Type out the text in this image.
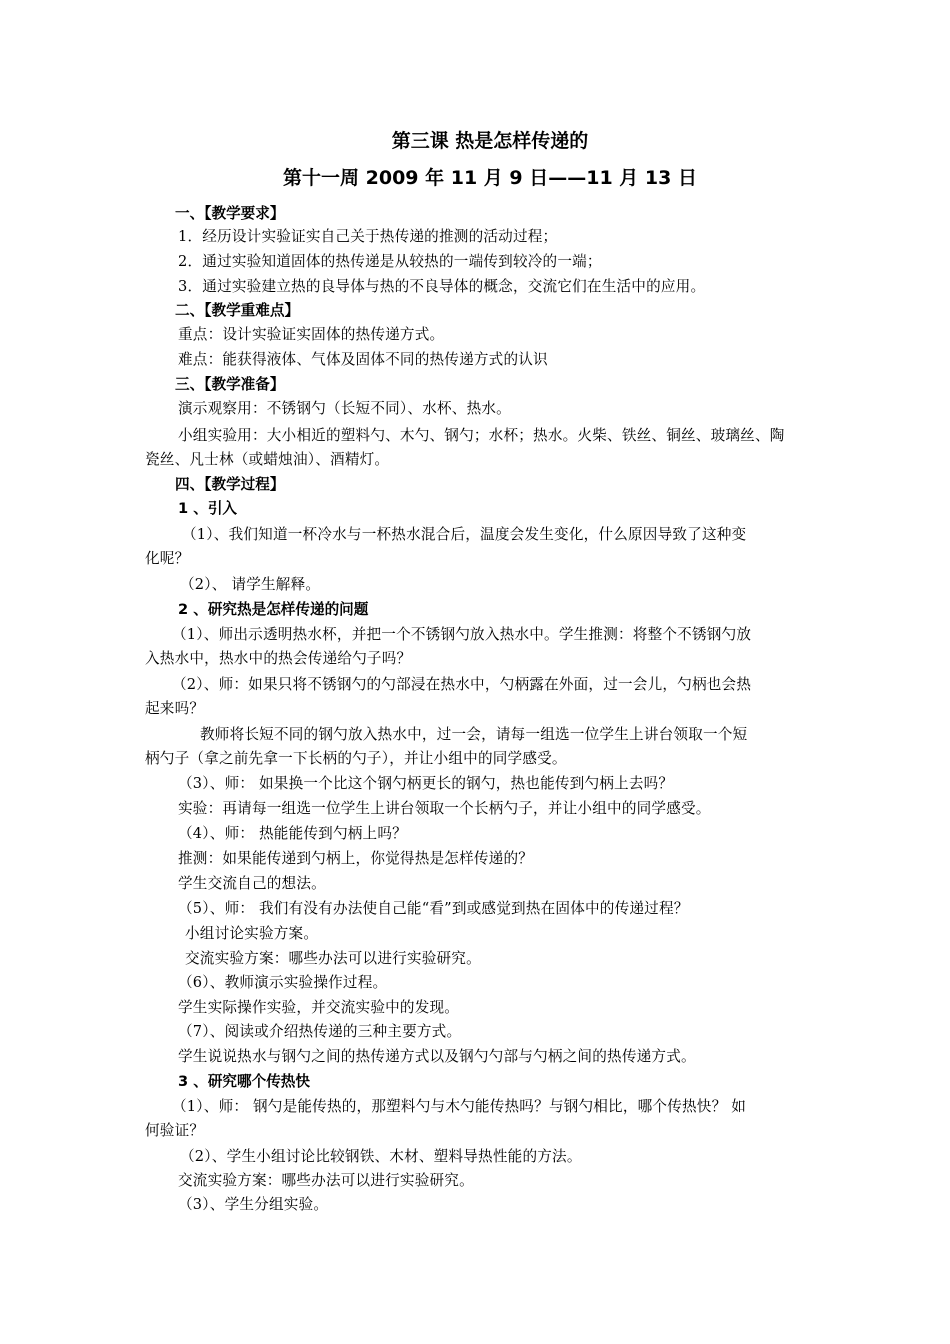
第三课 热是怎样传递的
第十一周 2009 年 11 月 9 日——11 月 13 日
一、【教学要求】
1．经历设计实验证实自己关于热传递的推测的活动过程；
2．通过实验知道固体的热传递是从较热的一端传到较冷的一端；
3．通过实验建立热的良导体与热的不良导体的概念，交流它们在生活中的应用。
二、【教学重难点】
重点：设计实验证实固体的热传递方式。
难点：能获得液体、气体及固体不同的热传递方式的认识
三、【教学准备】
演示观察用：不锈钢勺（长短不同）、水杯、热水。
小组实验用：大小相近的塑料勺、木勺、钢勺；水杯；热水。火柴、铁丝、铜丝、玻璃丝、陶
瓷丝、凡士林（或蜡烛油）、酒精灯。
四、【教学过程】
1 、引入
（1）、我们知道一杯冷水与一杯热水混合后，温度会发生变化，什么原因导致了这种变
化呢？
（2）、 请学生解释。
2 、研究热是怎样传递的问题
（1）、师出示透明热水杯，并把一个不锈钢勺放入热水中。学生推测：将整个不锈钢勺放
入热水中，热水中的热会传递给勺子吗？
（2）、师：如果只将不锈钢勺的勺部浸在热水中，勺柄露在外面，过一会儿，勺柄也会热
起来吗？
教师将长短不同的钢勺放入热水中，过一会，请每一组选一位学生上讲台领取一个短
柄勺子（拿之前先拿一下长柄的勺子），并让小组中的同学感受。
（3）、师： 如果换一个比这个钢勺柄更长的钢勺，热也能传到勺柄上去吗？
实验：再请每一组选一位学生上讲台领取一个长柄勺子，并让小组中的同学感受。
（4）、师： 热能能传到勺柄上吗？
推测：如果能传递到勺柄上，你觉得热是怎样传递的？
学生交流自己的想法。
（5）、师： 我们有没有办法使自己能“看”到或感觉到热在固体中的传递过程？
小组讨论实验方案。
交流实验方案：哪些办法可以进行实验研究。
（6）、教师演示实验操作过程。
学生实际操作实验，并交流实验中的发现。
（7）、阅读或介绍热传递的三种主要方式。
学生说说热水与钢勺之间的热传递方式以及钢勺勺部与勺柄之间的热传递方式。
3 、研究哪个传热快
（1）、师： 钢勺是能传热的，那塑料勺与木勺能传热吗？与钢勺相比，哪个传热快？ 如
何验证？
（2）、学生小组讨论比较钢铁、木材、塑料导热性能的方法。
交流实验方案：哪些办法可以进行实验研究。
（3）、学生分组实验。
